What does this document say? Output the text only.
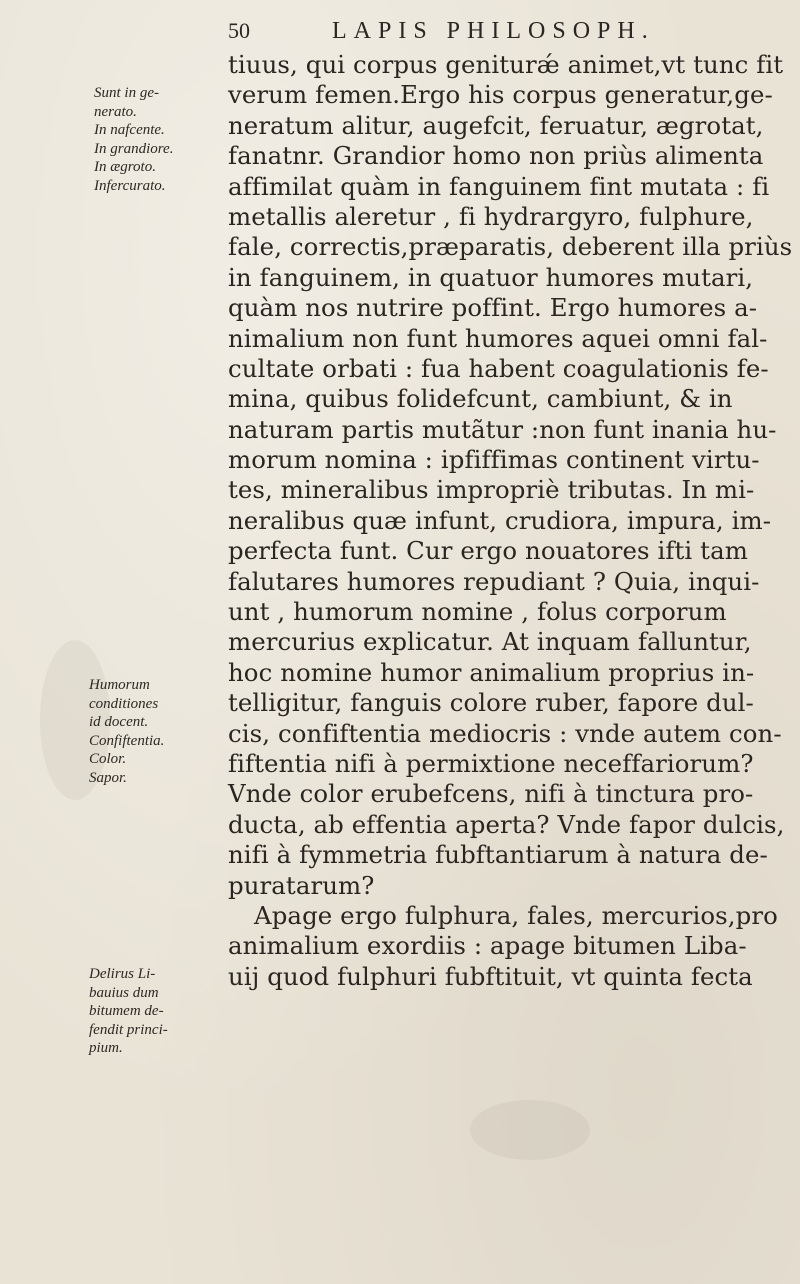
50	LAPIS PHILOSOPH.
tiuus, qui corpus geniturǽ animet,vt tunc fit
verum femen.Ergo his corpus generatur,ge-
neratum alitur, augefcit, feruatur, ægrotat,
fanatnr. Grandior homo non priùs alimenta
affimilat quàm in fanguinem fint mutata : fi
metallis aleretur , fi hydrargyro, fulphure,
fale, correctis,præparatis, deberent illa priùs
in fanguinem, in quatuor humores mutari,
quàm nos nutrire poffint. Ergo humores a-
nimalium non funt humores aquei omni fal-
cultate orbati : fua habent coagulationis fe-
mina, quibus folidefcunt, cambiunt, & in
naturam partis mutãtur :non funt inania hu-
morum nomina : ipfiffimas continent virtu-
tes, mineralibus impropriè tributas. In mi-
neralibus quæ infunt, crudiora, impura, im-
perfecta funt. Cur ergo nouatores ifti tam
falutares humores repudiant ? Quia, inqui-
unt , humorum nomine , folus corporum
mercurius explicatur. At inquam falluntur,
hoc nomine humor animalium proprius in-
telligitur, fanguis colore ruber, fapore dul-
cis, confiftentia mediocris : vnde autem con-
fiftentia nifi à permixtione neceffariorum?
Vnde color erubefcens, nifi à tinctura pro-
ducta, ab effentia aperta? Vnde fapor dulcis,
nifi à fymmetria fubftantiarum à natura de-
puratarum?
Apage ergo fulphura, fales, mercurios,pro
animalium exordiis : apage bitumen Liba-
uij quod fulphuri fubftituit, vt quinta fecta
Sunt in ge-
nerato.
In nafcente.
In grandiore.
In ægroto.
Infercurato.
Humorum
conditiones
id docent.
Confiftentia.
Color.
Sapor.
Delirus Li-
bauius dum
bitumem de-
fendit princi-
pium.
